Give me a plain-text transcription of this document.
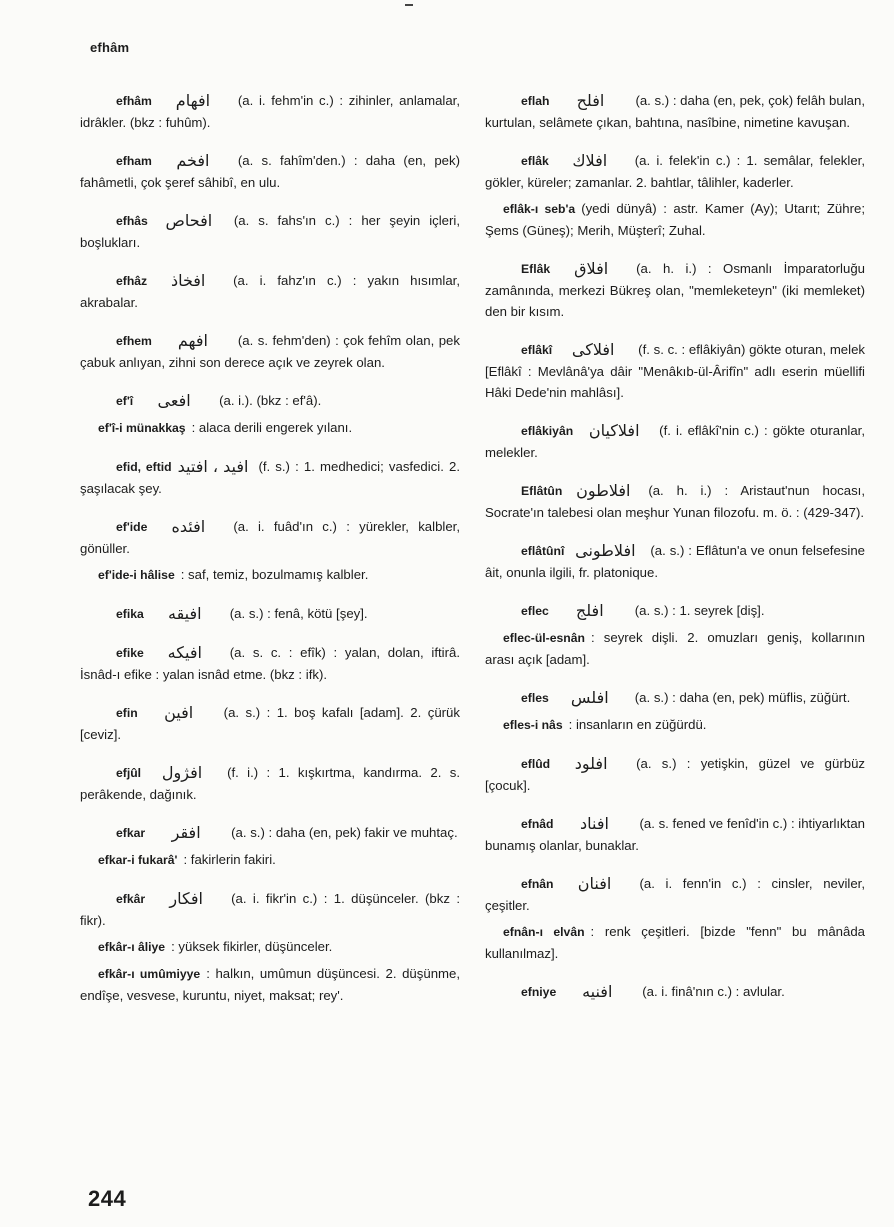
efhâm
efhâm افهام (a. i. fehm'in c.) : zihinler, anlamalar, idrâkler. (bkz : fuhûm).
efham افخم (a. s. fahîm'den.) : daha (en, pek) fahâmetli, çok şeref sâhibî, en ulu.
efhâs افحاص (a. s. fahs'ın c.) : her şeyin içleri, boşlukları.
efhâz افخاذ (a. i. fahz'ın c.) : yakın hısımlar, akrabalar.
efhem افهم (a. s. fehm'den) : çok fehîm olan, pek çabuk anlıyan, zihni son derece açık ve zeyrek olan.
ef'î افعى (a. i.). (bkz : ef'â).
ef'î-i münakkaş : alaca derili engerek yılanı.
efid, eftid افيد ، افتيد (f. s.) : 1. medhedici; vasfedici. 2. şaşılacak şey.
ef'ide افئده (a. i. fuâd'ın c.) : yürekler, kalbler, gönüller.
ef'ide-i hâlise : saf, temiz, bozulmamış kalbler.
efika افيقه (a. s.) : fenâ, kötü [şey].
efike افيكه (a. s. c. : efîk) : yalan, dolan, iftirâ. İsnâd-ı efike : yalan isnâd etme. (bkz : ifk).
efin افين (a. s.) : 1. boş kafalı [adam]. 2. çürük [ceviz].
efjûl افژول (f. i.) : 1. kışkırtma, kandırma. 2. s. perâkende, dağınık.
efkar افقر (a. s.) : daha (en, pek) fakir ve muhtaç.
efkar-i fukarâ' : fakirlerin fakiri.
efkâr افكار (a. i. fikr'in c.) : 1. düşünceler. (bkz : fikr).
efkâr-ı âliye : yüksek fikirler, düşünceler.
efkâr-ı umûmiyye : halkın, umûmun düşüncesi. 2. düşünme, endîşe, vesvese, kuruntu, niyet, maksat; rey'.
eflah افلح (a. s.) : daha (en, pek, çok) felâh bulan, kurtulan, selâmete çıkan, bahtına, nasîbine, nimetine kavuşan.
eflâk افلاك (a. i. felek'in c.) : 1. semâlar, felekler, gökler, küreler; zamanlar. 2. bahtlar, tâlihler, kaderler.
eflâk-ı seb'a (yedi dünyâ) : astr. Kamer (Ay); Utarıt; Zühre; Şems (Güneş); Merih, Müşterî; Zuhal.
Eflâk افلاق (a. h. i.) : Osmanlı İmparatorluğu zamânında, merkezi Bükreş olan, "memleketeyn" (iki memleket) den bir kısım.
eflâkî افلاكى (f. s. c. : eflâkiyân) gökte oturan, melek [Eflâkî : Mevlânâ'ya dâir "Menâkıb-ül-Ârifîn" adlı eserin müellifi Hâki Dede'nin mahlâsı].
eflâkiyân افلاكيان (f. i. eflâkî'nin c.) : gökte oturanlar, melekler.
Eflâtûn افلاطون (a. h. i.) : Aristaut'nun hocası, Socrate'ın talebesi olan meşhur Yunan filozofu. m. ö. : (429-347).
eflâtûnî افلاطونى (a. s.) : Eflâtun'a ve onun felsefesine âit, onunla ilgili, fr. platonique.
eflec افلج (a. s.) : 1. seyrek [diş].
eflec-ül-esnân : seyrek dişli. 2. omuzları geniş, kollarının arası açık [adam].
efles افلس (a. s.) : daha (en, pek) müflis, züğürt.
efles-i nâs : insanların en züğürdü.
eflûd افلود (a. s.) : yetişkin, güzel ve gürbüz [çocuk].
efnâd افناد (a. s. fened ve fenîd'in c.) : ihtiyarlıktan bunamış olanlar, bunaklar.
efnân افنان (a. i. fenn'in c.) : cinsler, neviler, çeşitler.
efnân-ı elvân : renk çeşitleri. [bizde "fenn" bu mânâda kullanılmaz].
efniye افنيه (a. i. finâ'nın c.) : avlular.
244
